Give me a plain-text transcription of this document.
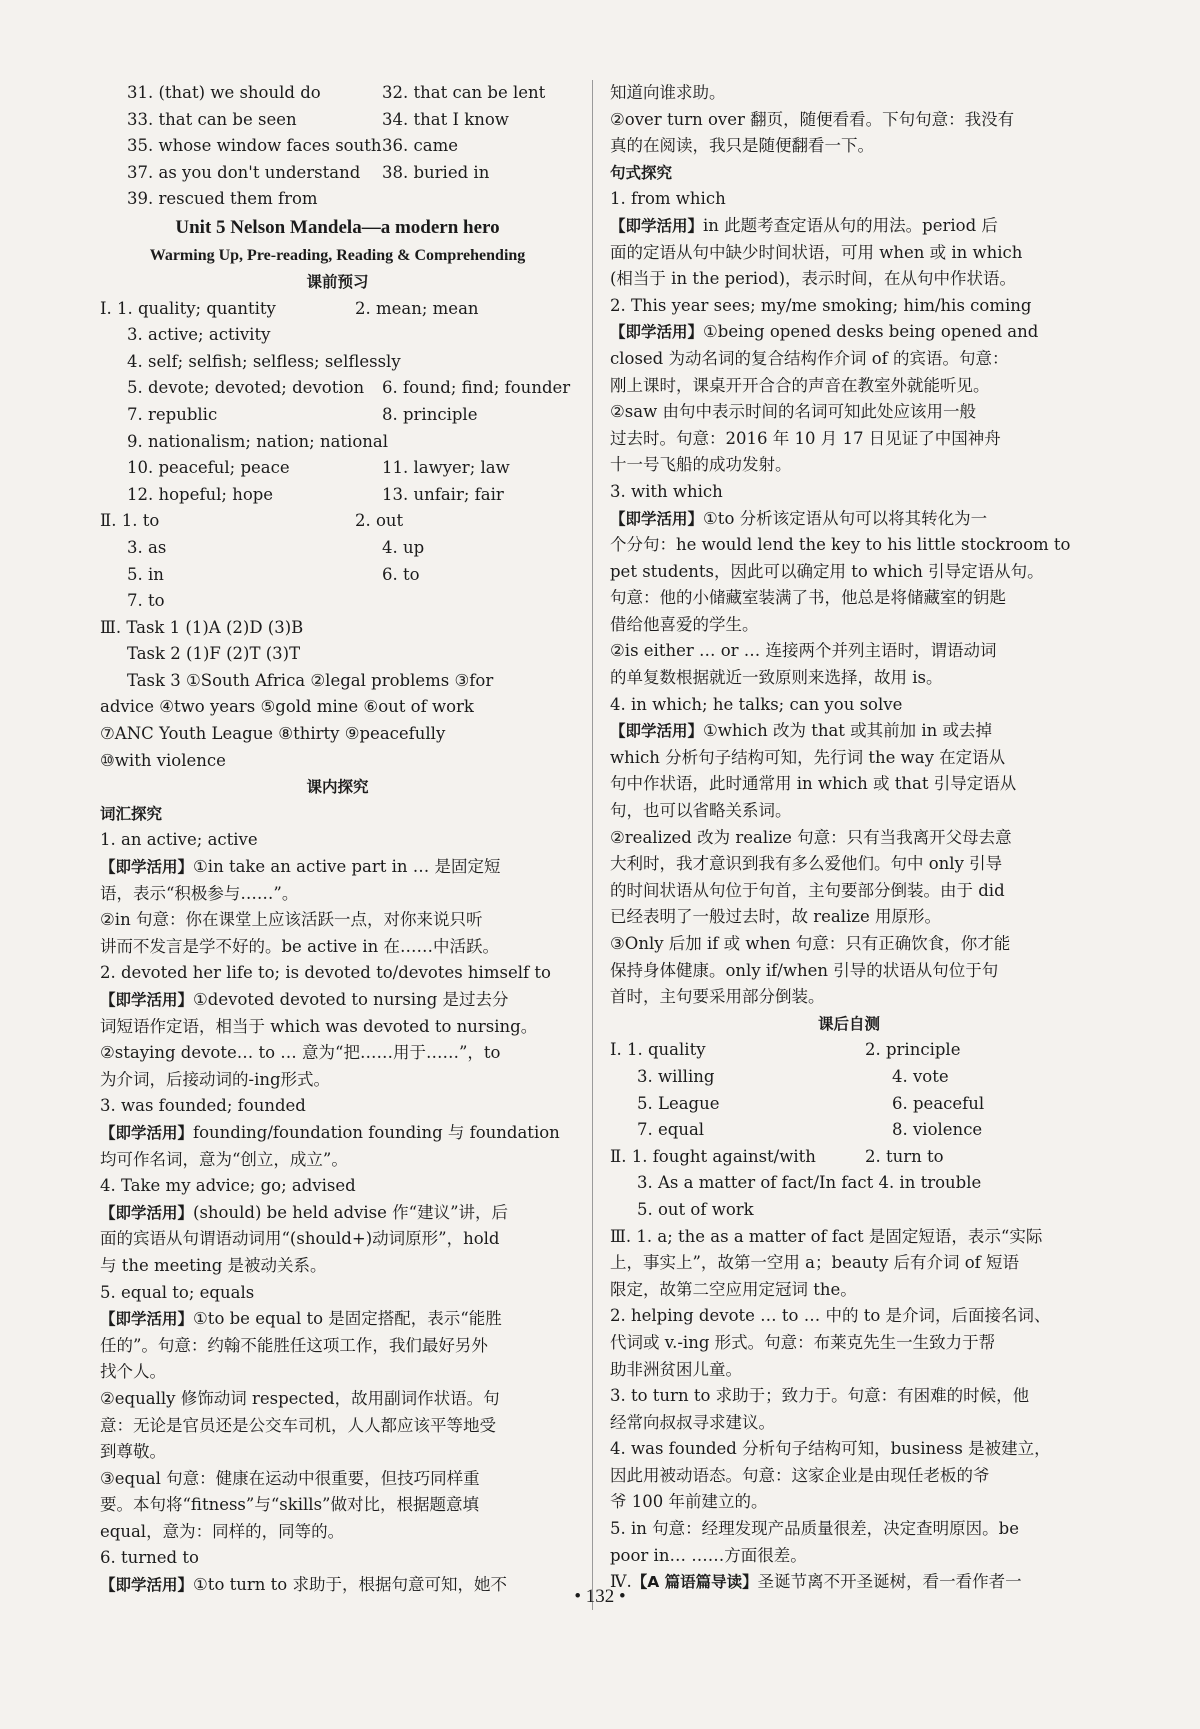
31. (that) we should do	32. that can be lent
33. that can be seen	34. that I know
35. whose window faces south 36. came
37. as you don't understand	38. buried in
39. rescued them from
Unit 5 Nelson Mandela—a modern hero
Warming Up, Pre-reading, Reading & Comprehending
课前预习
Ⅰ. 1. quality; quantity	2. mean; mean
3. active; activity
4. self; selfish; selfless; selflessly
5. devote; devoted; devotion	6. found; find; founder
7. republic	8. principle
9. nationalism; nation; national
10. peaceful; peace	11. lawyer; law
12. hopeful; hope	13. unfair; fair
Ⅱ. 1. to	2. out
3. as	4. up
5. in	6. to
7. to
Ⅲ. Task 1 (1)A (2)D (3)B
Task 2 (1)F (2)T (3)T
Task 3 ①South Africa ②legal problems ③for
advice ④two years ⑤gold mine ⑥out of work
⑦ANC Youth League ⑧thirty ⑨peacefully
⑩with violence
课内探究
词汇探究
1. an active; active
【即学活用】①in take an active part in … 是固定短
语，表示“积极参与……”。
②in 句意：你在课堂上应该活跃一点，对你来说只听
讲而不发言是学不好的。be active in 在……中活跃。
2. devoted her life to; is devoted to/devotes himself to
【即学活用】①devoted devoted to nursing 是过去分
词短语作定语，相当于 which was devoted to nursing。
②staying devote… to … 意为“把……用于……”，to
为介词，后接动词的-ing形式。
3. was founded; founded
【即学活用】founding/foundation founding 与 foundation
均可作名词，意为“创立，成立”。
4. Take my advice; go; advised
【即学活用】(should) be held advise 作“建议”讲，后
面的宾语从句谓语动词用“(should+)动词原形”，hold
与 the meeting 是被动关系。
5. equal to; equals
【即学活用】①to be equal to 是固定搭配，表示“能胜
任的”。句意：约翰不能胜任这项工作，我们最好另外
找个人。
②equally 修饰动词 respected，故用副词作状语。句
意：无论是官员还是公交车司机，人人都应该平等地受
到尊敬。
③equal 句意：健康在运动中很重要，但技巧同样重
要。本句将“fitness”与“skills”做对比，根据题意填
equal，意为：同样的，同等的。
6. turned to
【即学活用】①to turn to 求助于，根据句意可知，她不
知道向谁求助。
②over turn over 翻页，随便看看。下句句意：我没有
真的在阅读，我只是随便翻看一下。
句式探究
1. from which
【即学活用】in 此题考查定语从句的用法。period 后
面的定语从句中缺少时间状语，可用 when 或 in which
(相当于 in the period)，表示时间，在从句中作状语。
2. This year sees; my/me smoking; him/his coming
【即学活用】①being opened desks being opened and
closed 为动名词的复合结构作介词 of 的宾语。句意：
刚上课时，课桌开开合合的声音在教室外就能听见。
②saw 由句中表示时间的名词可知此处应该用一般
过去时。句意：2016 年 10 月 17 日见证了中国神舟
十一号飞船的成功发射。
3. with which
【即学活用】①to 分析该定语从句可以将其转化为一
个分句：he would lend the key to his little stockroom to
pet students，因此可以确定用 to which 引导定语从句。
句意：他的小储藏室装满了书，他总是将储藏室的钥匙
借给他喜爱的学生。
②is either … or … 连接两个并列主语时，谓语动词
的单复数根据就近一致原则来选择，故用 is。
4. in which; he talks; can you solve
【即学活用】①which 改为 that 或其前加 in 或去掉
which 分析句子结构可知，先行词 the way 在定语从
句中作状语，此时通常用 in which 或 that 引导定语从
句，也可以省略关系词。
②realized 改为 realize 句意：只有当我离开父母去意
大利时，我才意识到我有多么爱他们。句中 only 引导
的时间状语从句位于句首，主句要部分倒装。由于 did
已经表明了一般过去时，故 realize 用原形。
③Only 后加 if 或 when 句意：只有正确饮食，你才能
保持身体健康。only if/when 引导的状语从句位于句
首时，主句要采用部分倒装。
课后自测
Ⅰ. 1. quality	2. principle
3. willing	4. vote
5. League	6. peaceful
7. equal	8. violence
Ⅱ. 1. fought against/with	2. turn to
3. As a matter of fact/In fact 4. in trouble
5. out of work
Ⅲ. 1. a; the as a matter of fact 是固定短语，表示“实际
上，事实上”，故第一空用 a；beauty 后有介词 of 短语
限定，故第二空应用定冠词 the。
2. helping devote … to … 中的 to 是介词，后面接名词、
代词或 v.-ing 形式。句意：布莱克先生一生致力于帮
助非洲贫困儿童。
3. to turn to 求助于；致力于。句意：有困难的时候，他
经常向叔叔寻求建议。
4. was founded 分析句子结构可知，business 是被建立，
因此用被动语态。句意：这家企业是由现任老板的爷
爷 100 年前建立的。
5. in 句意：经理发现产品质量很差，决定查明原因。be
poor in… ……方面很差。
Ⅳ.【A 篇语篇导读】圣诞节离不开圣诞树，看一看作者一
• 132 •
